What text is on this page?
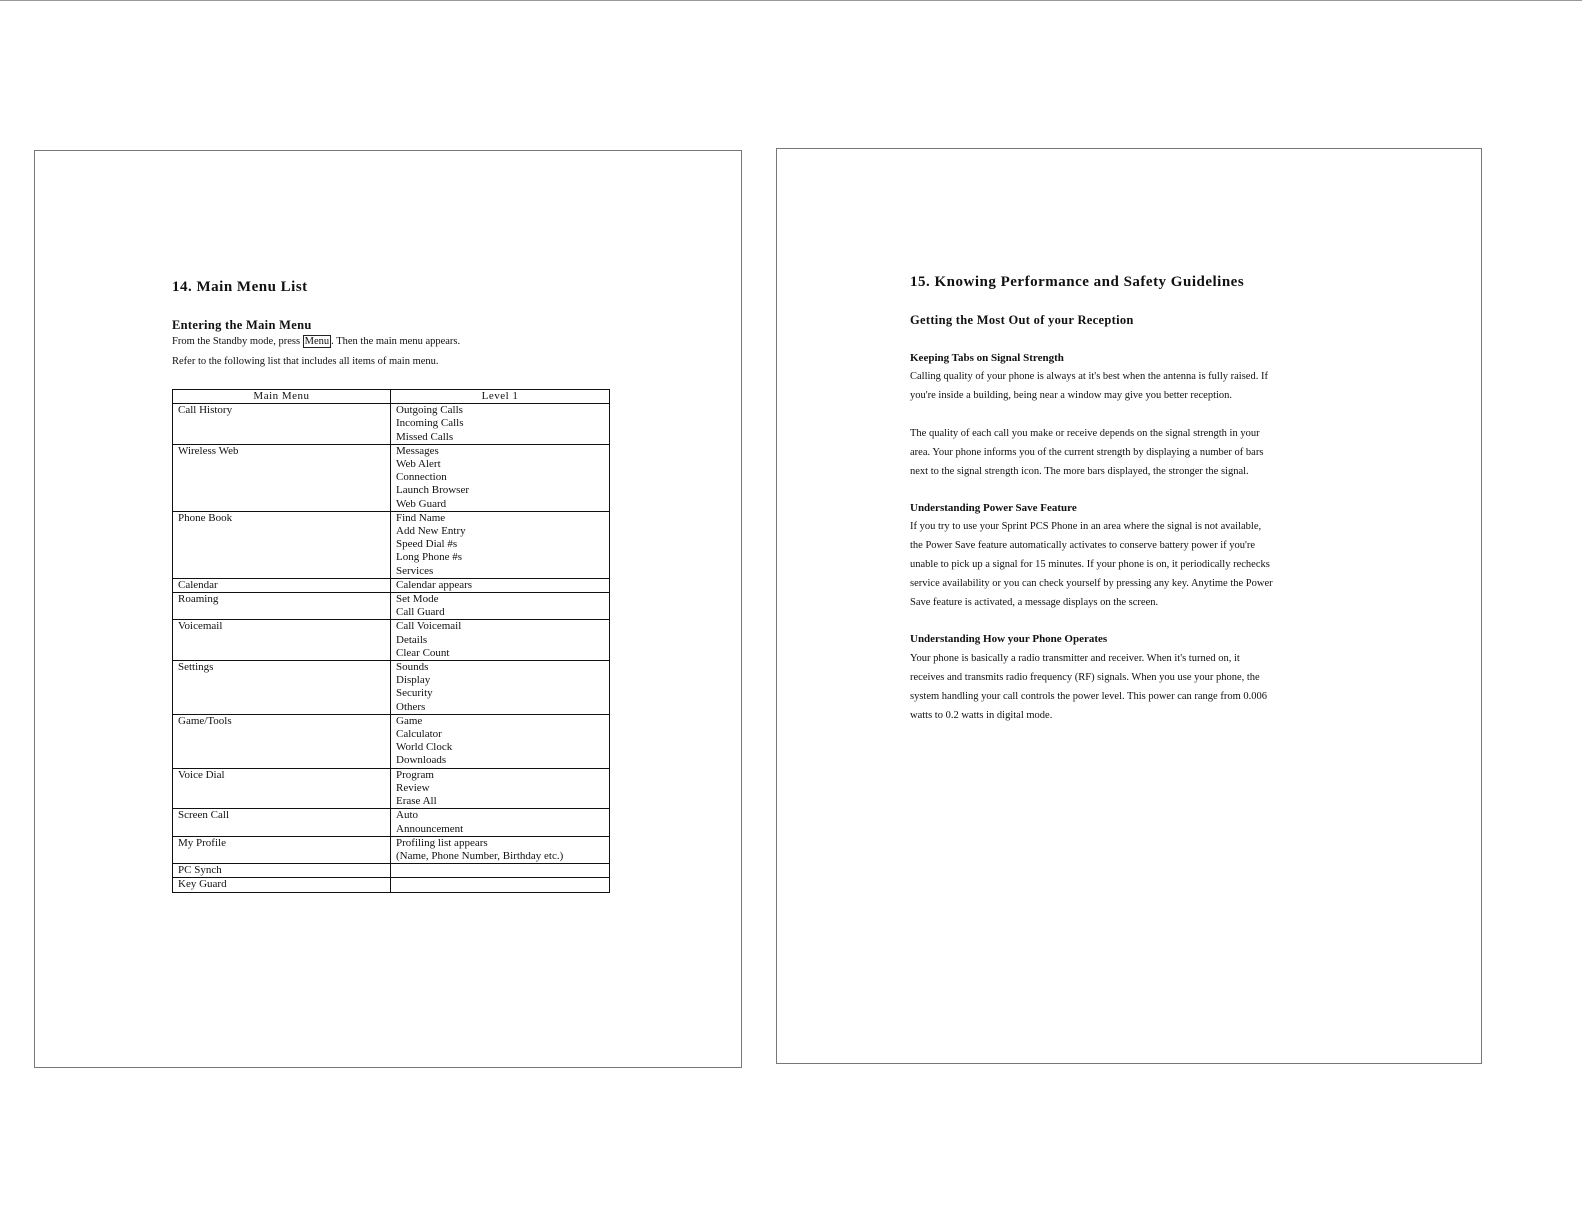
14. Main Menu List
Entering the Main Menu
From the Standby mode, press Menu . Then the main menu appears.
Refer to the following list that includes all items of main menu.
Main Menu	Level 1
Call History	Outgoing Calls
Incoming Calls
Missed Calls

Wireless Web	Messages
Web Alert
Connection
Launch Browser
Web Guard

Phone Book	Find Name
Add New Entry
Speed Dial #s
Long Phone #s
Services

Calendar	Calendar appears

Roaming	Set Mode
Call Guard

Voicemail	Call Voicemail
Details
Clear Count

Settings	Sounds
Display
Security
Others

Game/Tools	Game
Calculator
World Clock
Downloads

Voice Dial	Program
Review
Erase All

Screen Call	Auto
Announcement

My Profile	Profiling list appears
(Name, Phone Number, Birthday etc.)

PC Synch	
Key Guard	
15. Knowing Performance and Safety Guidelines
Getting the Most Out of your Reception
Keeping Tabs on Signal Strength
Calling quality of your phone is always at it's best when the antenna is fully raised. If
you're inside a building, being near a window may give you better reception.
The quality of each call you make or receive depends on the signal strength in your
area. Your phone informs you of the current strength by displaying a number of bars
next to the signal strength icon. The more bars displayed, the stronger the signal.
Understanding Power Save Feature
If you try to use your Sprint PCS Phone in an area where the signal is not available,
the Power Save feature automatically activates to conserve battery power if you're
unable to pick up a signal for 15 minutes. If your phone is on, it periodically rechecks
service availability or you can check yourself by pressing any key. Anytime the Power
Save feature is activated, a message displays on the screen.
Understanding How your Phone Operates
Your phone is basically a radio transmitter and receiver. When it's turned on, it
receives and transmits radio frequency (RF) signals. When you use your phone, the
system handling your call controls the power level. This power can range from 0.006
watts to 0.2 watts in digital mode.
